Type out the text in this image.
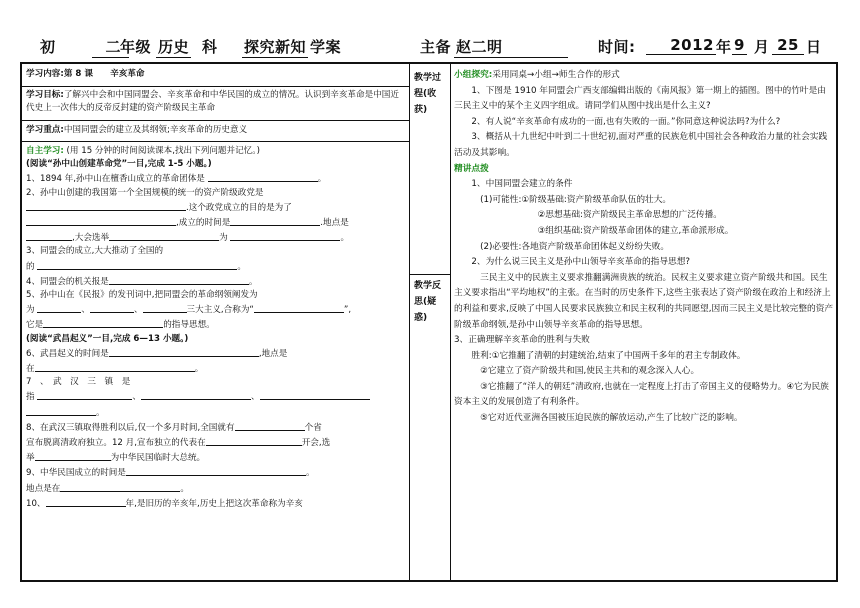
初	二 年级 历史 科 探究新知 学案	主备 赵二明	时间:	2012 年 9 月 25 日
学习内容:第 8 课　　辛亥革命
学习目标:了解兴中会和中国同盟会、辛亥革命和中华民国的成立的情况。认识到辛亥革命是中国近代史上一次伟大的反帝反封建的资产阶级民主革命
学习重点:中国同盟会的建立及其纲领;辛亥革命的历史意义

自主学习: (用 15 分钟的时间阅读课本,找出下列问题并记忆。)

(阅读“孙中山创建革命党”一目,完成 1-5 小题。)

1、1894 年,孙中山在檀香山成立的革命团体是	。

2、孙中山创建的我国第一个全国规模的统一的资产阶级政党是

.这个政党成立的目的是为了

,成立的时间是	.地点是

,大会选举	为	。

3、同盟会的成立,大大推动了全国的

的	。

4、同盟会的机关报是	。

5、孙中山在《民报》的发刊词中,把同盟会的革命纲领阐发为

为	、	、	三大主义,合称为“	”,

它是	的指导思想。

(阅读“武昌起义”一目,完成 6—13 小题。)

6、武昌起义的时间是	,地点是

在	。

7　、　武　汉　三　镇　是

指	、	、

。

8、在武汉三镇取得胜利以后,仅一个多月时间,全国就有	个省

宣布脱离清政府独立。12 月,宣布独立的代表在	开会,选

举	为中华民国临时大总统。

9、中华民国成立的时间是	。

地点是在	。

10、	年,是旧历的辛亥年,历史上把这次革命称为辛亥

教学过程(收获)
教学反思(疑惑)

小组探究:采用同桌→小组→师生合作的形式

1、下图是 1910 年同盟会广西支部编辑出版的《南风报》第一期上的插图。图中的竹叶是由三民主义中的某个主义四字组成。请同学们从图中找出是什么主义?

2、有人说“辛亥革命有成功的一面,也有失败的一面。”你同意这种说法吗?为什么?

3、概括从十九世纪中叶到二十世纪初,面对严重的民族危机中国社会各种政治力量的社会实践活动及其影响。

精讲点拨

1、中国同盟会建立的条件

(1)可能性:①阶级基础:资产阶级革命队伍的壮大。

②思想基础:资产阶级民主革命思想的广泛传播。

③组织基础:资产阶级革命团体的建立,革命派形成。

(2)必要性:各地资产阶级革命团体起义纷纷失败。

2、为什么说三民主义是孙中山领导辛亥革命的指导思想?

三民主义中的民族主义要求推翻满洲贵族的统治。民权主义要求建立资产阶级共和国。民生主义要求指出“平均地权”的主张。在当时的历史条件下,这些主张表达了资产阶级在政治上和经济上的利益和要求,反映了中国人民要求民族独立和民主权利的共同愿望,因而三民主义是比较完整的资产阶级革命纲领,是孙中山领导辛亥革命的指导思想。

3、正确理解辛亥革命的胜利与失败

胜利:①它推翻了清朝的封建统治,结束了中国两千多年的君主专制政体。

②它建立了资产阶级共和国,使民主共和的观念深入人心。

③它推翻了“洋人的朝廷”清政府,也就在一定程度上打击了帝国主义的侵略势力。④它为民族资本主义的发展创造了有利条件。

⑤它对近代亚洲各国被压迫民族的解放运动,产生了比较广泛的影响。
